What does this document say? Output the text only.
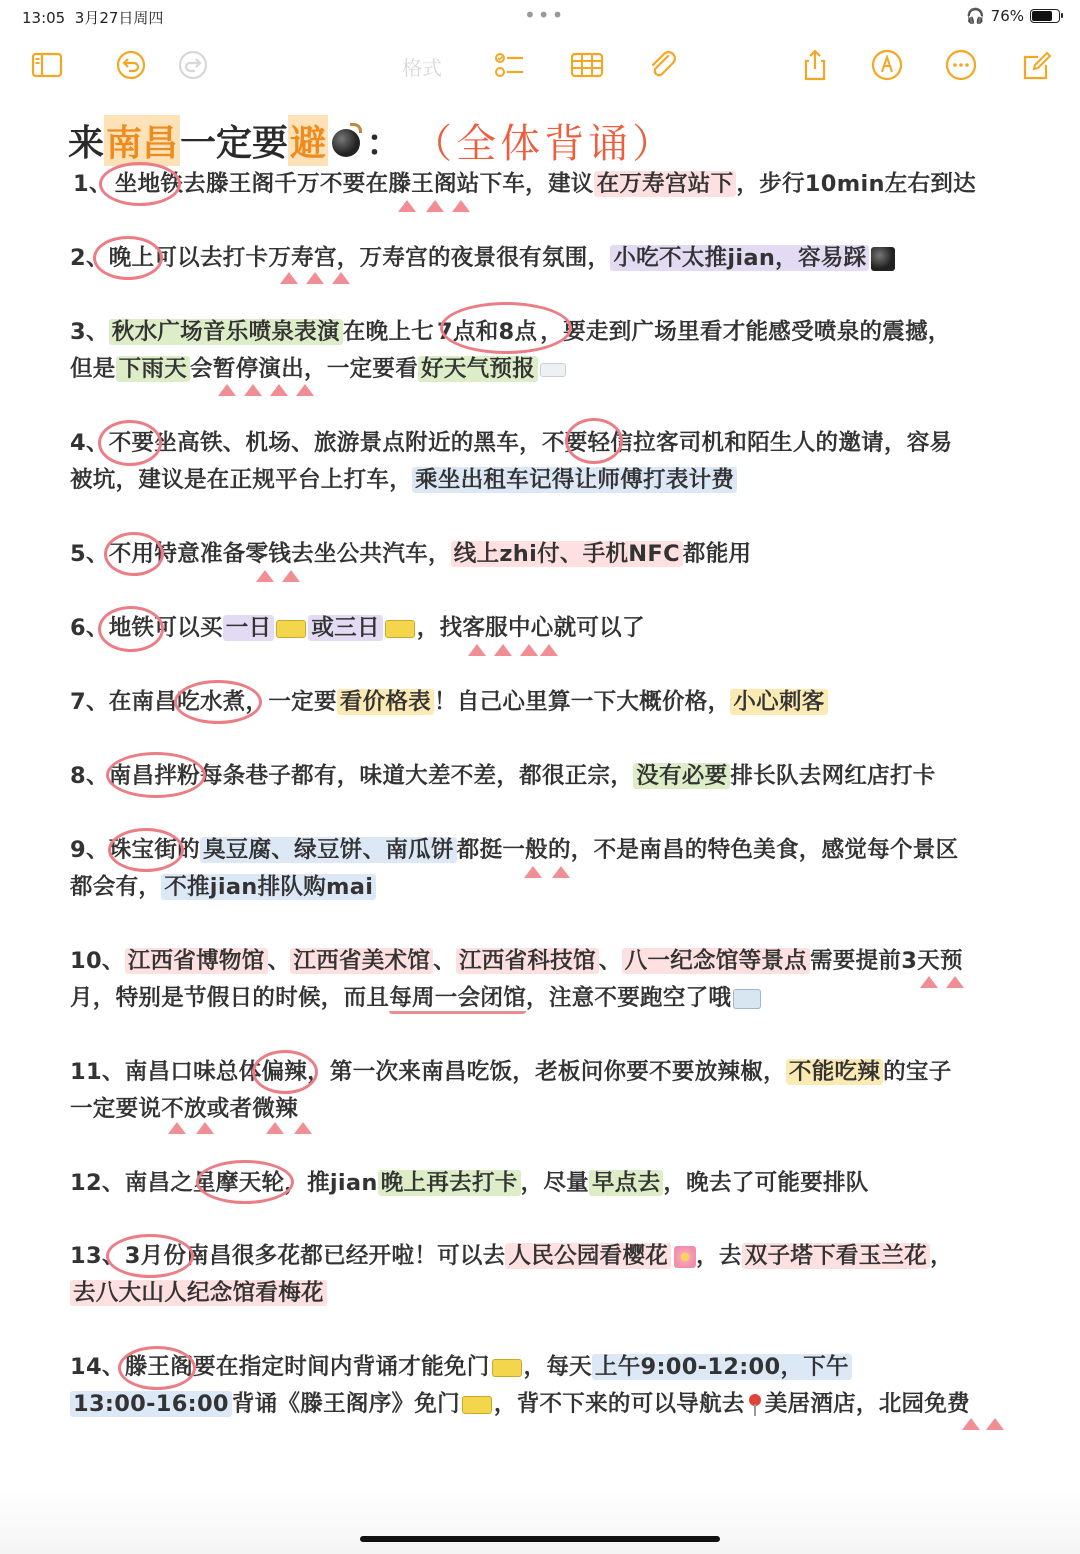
13:05 3月27日周四	•••	🎧 76%
格式
来 南昌 一定要 避 ： （全体背诵）
1、 坐地铁去滕王阁千万不要在滕王阁站下车，建议 在万寿宫站下 ，步行10min左右到达
2、晚上可以去打卡万寿宫，万寿宫的夜景很有氛围， 小吃不太推jian，容易踩
3、 秋水广场音乐喷泉表演 在晚上七 7点和8点 ，要走到广场里看才能感受喷泉的震撼，
但是 下雨天 会暂停演出，一定要看 好天气预报
4、不要坐高铁、机场、旅游景点附近的黑车，不要轻信拉客司机和陌生人的邀请，容易
被坑，建议是在正规平台上打车， 乘坐出租车记得让师傅打表计费
5、不用特意准备零钱去坐公共汽车， 线上zhi付、手机NFC 都能用
6、地铁可以买 一日 或三日 ，找客服中心就可以了
7、在南昌吃水煮，一定要 看价格表 ！自己心里算一下大概价格， 小心刺客
8、南昌拌粉每条巷子都有，味道大差不差，都很正宗， 没有必要 排长队去网红店打卡
9、珠宝街的 臭豆腐、绿豆饼、南瓜饼 都挺一般的，不是南昌的特色美食，感觉每个景区
都会有， 不推jian排队购mai
10、 江西省博物馆 、 江西省美术馆 、 江西省科技馆 、 八一纪念馆等景点 需要提前3天预
月，特别是节假日的时候，而且每周一会闭馆，注意不要跑空了哦
11、南昌口味总体偏辣，第一次来南昌吃饭，老板问你要不要放辣椒， 不能吃辣 的宝子
一定要说不放或者微辣
12、南昌之星摩天轮，推jian 晚上再去打卡 ，尽量 早点去 ，晚去了可能要排队
13、3月份南昌很多花都已经开啦！可以去 人民公园看樱花 ，去 双子塔下看玉兰花 ，
去八大山人纪念馆看梅花
14、滕王阁要在指定时间内背诵才能免门 ，每天 上午9:00-12:00，下午
13:00-16:00 背诵《滕王阁序》免门 ，背不下来的可以导航去 美居酒店，北园免费
